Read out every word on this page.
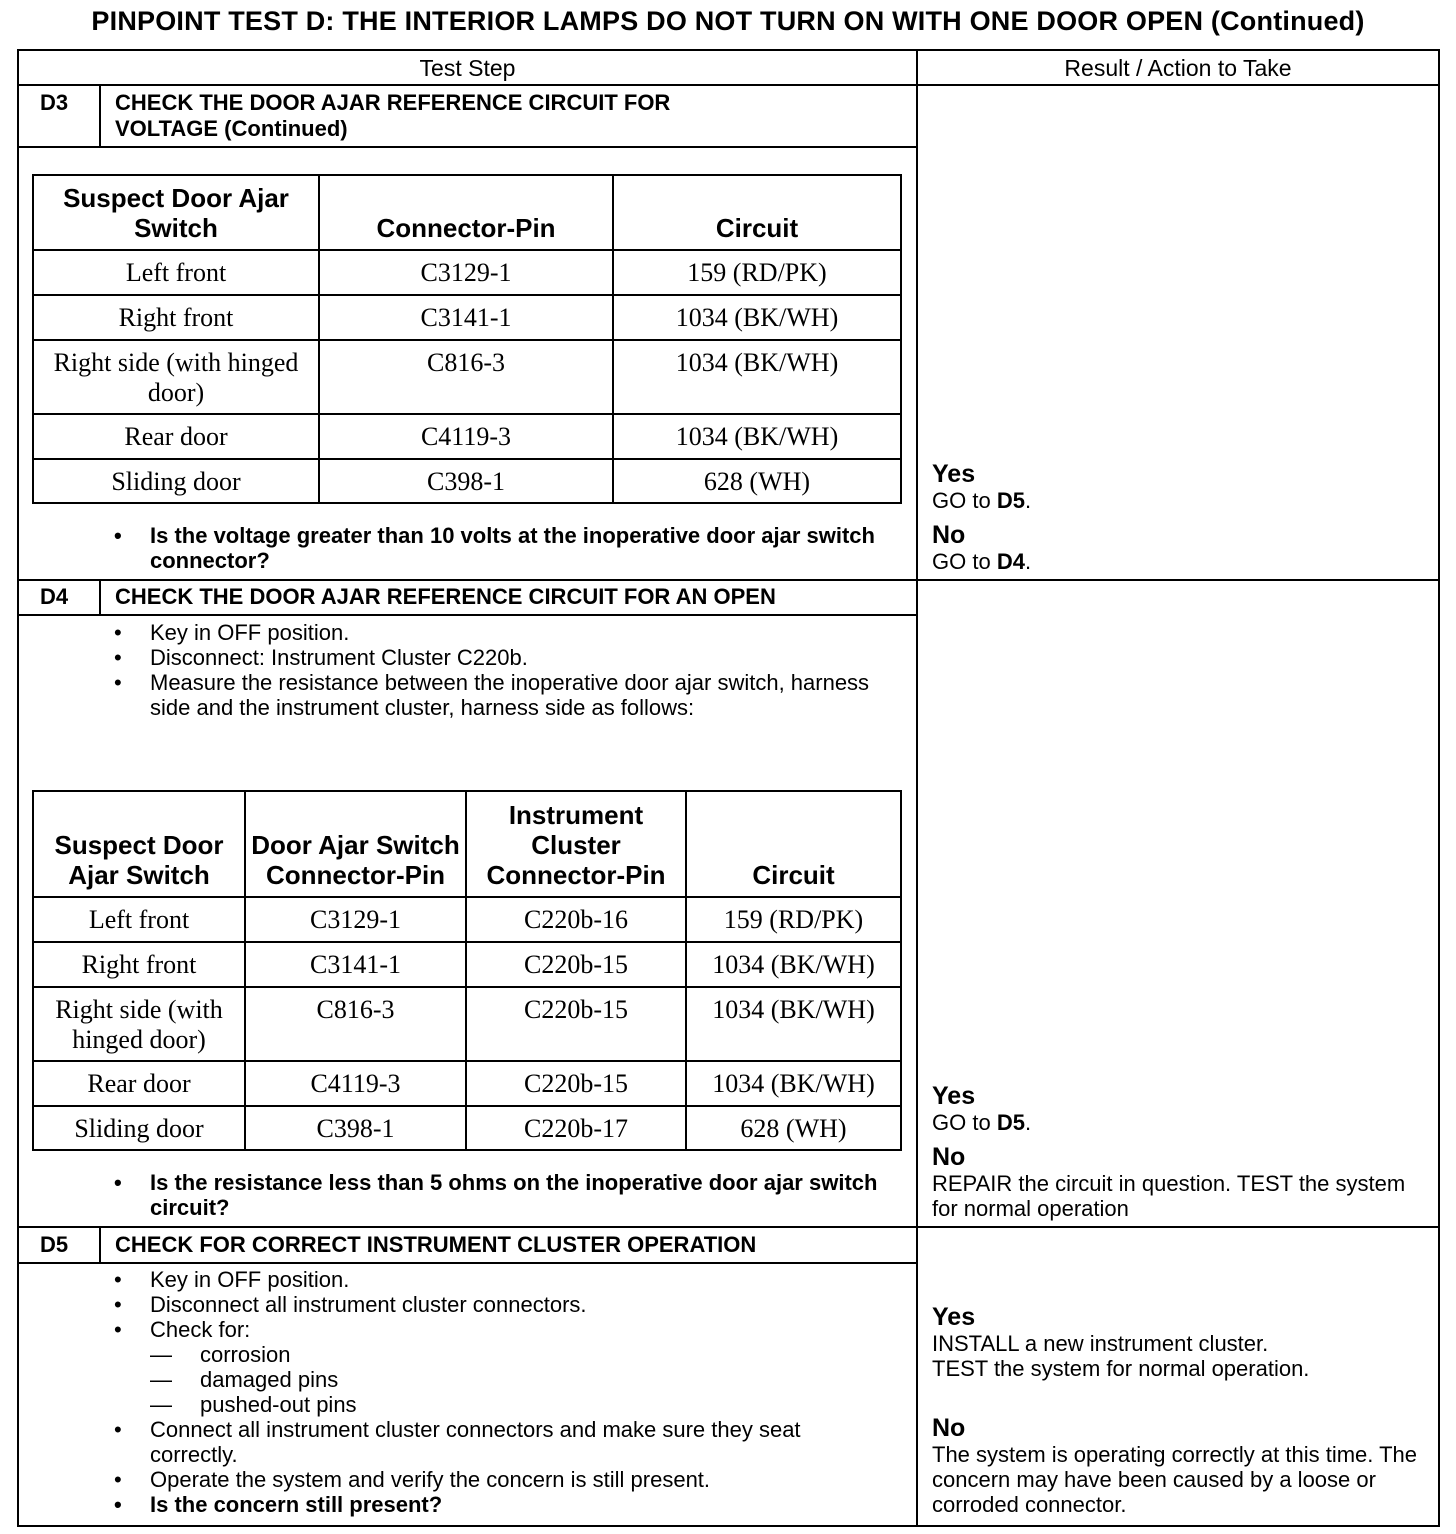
PINPOINT TEST D: THE INTERIOR LAMPS DO NOT TURN ON WITH ONE DOOR OPEN (Continued)
Test Step	Result / Action to Take
D3 CHECK THE DOOR AJAR REFERENCE CIRCUIT FOR
VOLTAGE (Continued)
Suspect Door Ajar Switch	Connector-Pin	Circuit
Left front	C3129-1	159 (RD/PK)
Right front	C3141-1	1034 (BK/WH)
Right side (with hinged door)	C816-3	1034 (BK/WH)
Rear door	C4119-3	1034 (BK/WH)
Sliding door	C398-1	628 (WH)
• Is the voltage greater than 10 volts at the inoperative door ajar switch connector?
Yes
GO to D5.
No
GO to D4.
D4 CHECK THE DOOR AJAR REFERENCE CIRCUIT FOR AN OPEN
• Key in OFF position.
• Disconnect: Instrument Cluster C220b.
• Measure the resistance between the inoperative door ajar switch, harness side and the instrument cluster, harness side as follows:
Suspect Door Ajar Switch	Door Ajar Switch Connector-Pin	Instrument Cluster Connector-Pin	Circuit
Left front	C3129-1	C220b-16	159 (RD/PK)
Right front	C3141-1	C220b-15	1034 (BK/WH)
Right side (with hinged door)	C816-3	C220b-15	1034 (BK/WH)
Rear door	C4119-3	C220b-15	1034 (BK/WH)
Sliding door	C398-1	C220b-17	628 (WH)
• Is the resistance less than 5 ohms on the inoperative door ajar switch circuit?
Yes
GO to D5.
No
REPAIR the circuit in question. TEST the system for normal operation
D5 CHECK FOR CORRECT INSTRUMENT CLUSTER OPERATION
• Key in OFF position.
• Disconnect all instrument cluster connectors.
• Check for:
— corrosion
— damaged pins
— pushed-out pins
• Connect all instrument cluster connectors and make sure they seat correctly.
• Operate the system and verify the concern is still present.
• Is the concern still present?
Yes
INSTALL a new instrument cluster.
TEST the system for normal operation.
No
The system is operating correctly at this time. The concern may have been caused by a loose or corroded connector.
